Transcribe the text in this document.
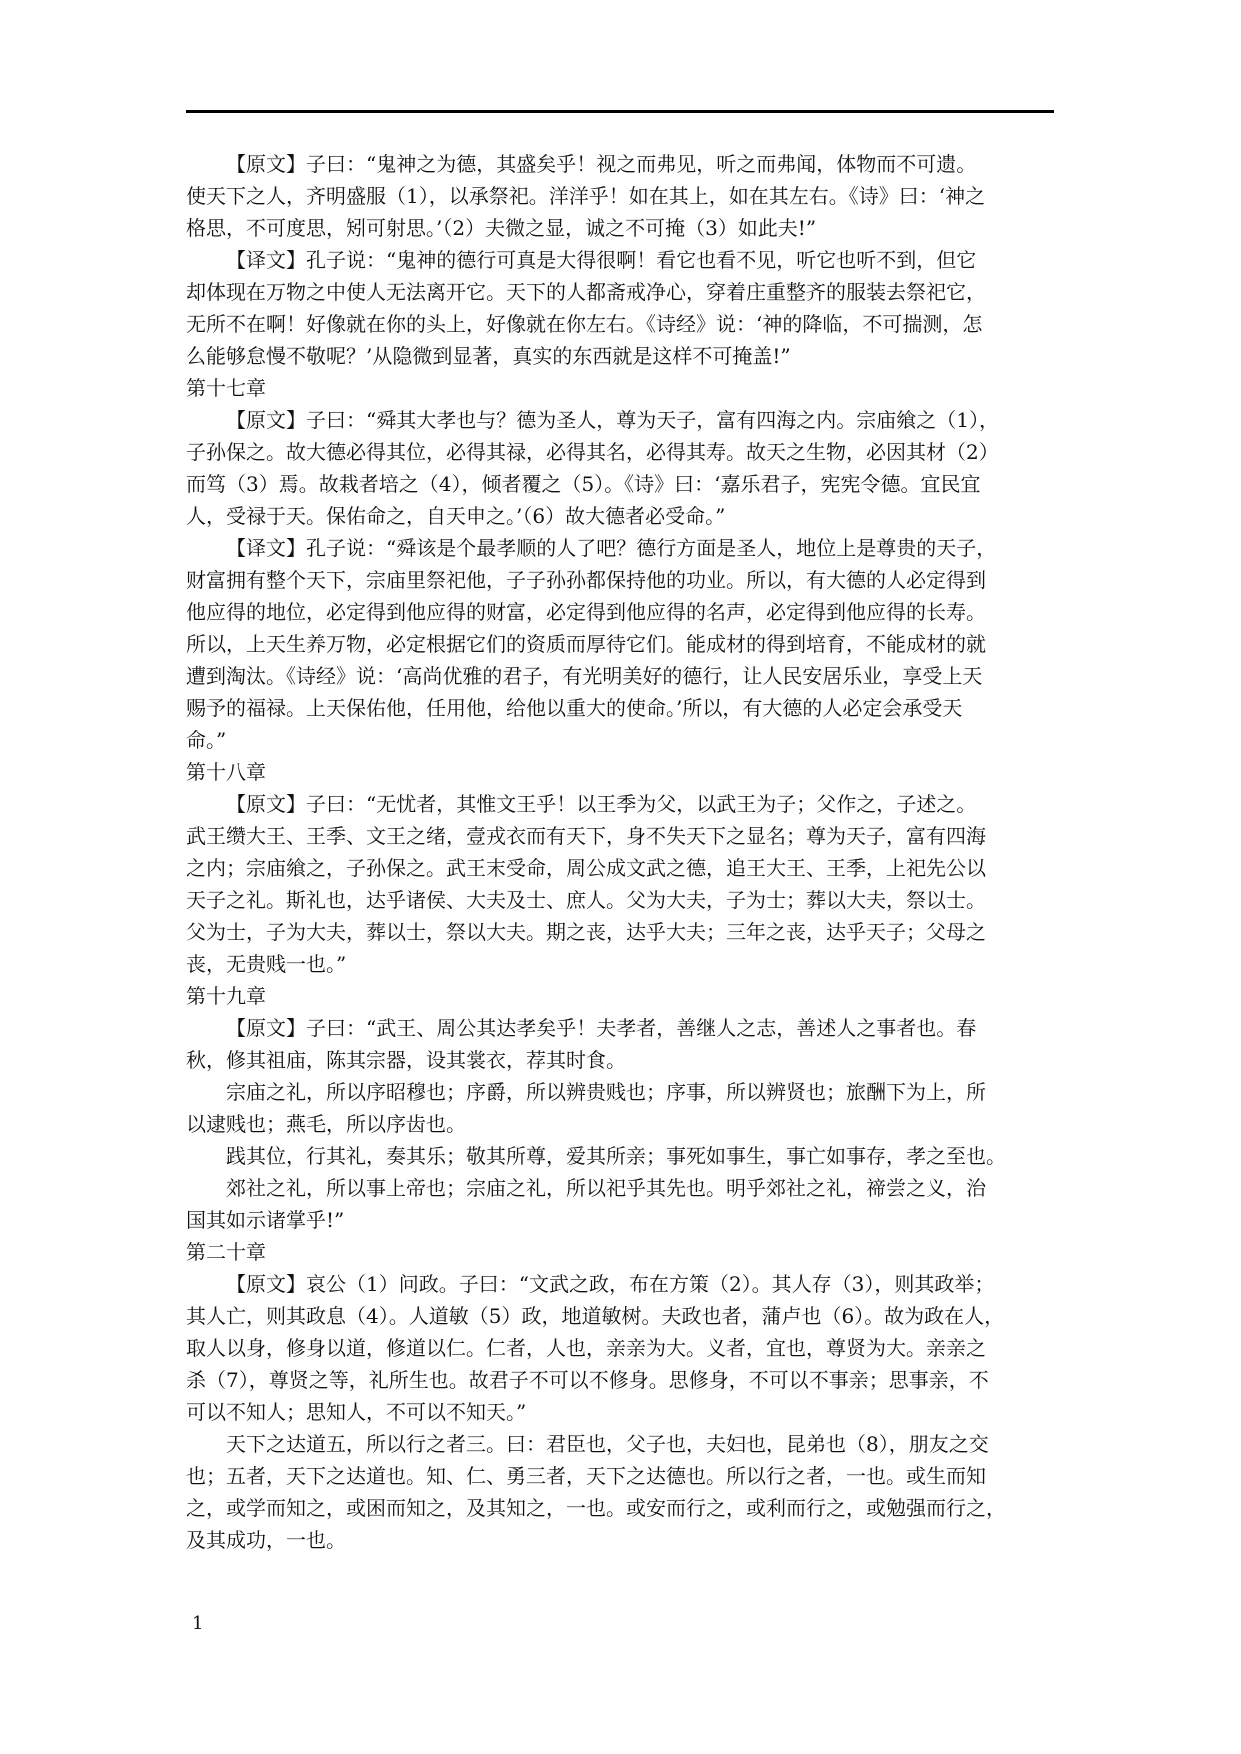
【原文】子曰：“鬼神之为德，其盛矣乎！视之而弗见，听之而弗闻，体物而不可遗。

使天下之人，齐明盛服（1），以承祭祀。洋洋乎！如在其上，如在其左右。《诗》曰：‘神之

格思，不可度思，矧可射思。’（2）夫微之显，诚之不可掩（3）如此夫!”

【译文】孔子说：“鬼神的德行可真是大得很啊！看它也看不见，听它也听不到，但它

却体现在万物之中使人无法离开它。天下的人都斋戒净心，穿着庄重整齐的服装去祭祀它，

无所不在啊！好像就在你的头上，好像就在你左右。《诗经》说：‘神的降临，不可揣测，怎

么能够怠慢不敬呢？’从隐微到显著，真实的东西就是这样不可掩盖!”

第十七章

【原文】子曰：“舜其大孝也与？德为圣人，尊为天子，富有四海之内。宗庙飨之（1），

子孙保之。故大德必得其位，必得其禄，必得其名，必得其寿。故天之生物，必因其材（2）

而笃（3）焉。故栽者培之（4），倾者覆之（5）。《诗》曰：‘嘉乐君子，宪宪令德。宜民宜

人，受禄于天。保佑命之，自天申之。’（6）故大德者必受命。”

【译文】孔子说：“舜该是个最孝顺的人了吧？德行方面是圣人，地位上是尊贵的天子，

财富拥有整个天下，宗庙里祭祀他，子子孙孙都保持他的功业。所以，有大德的人必定得到

他应得的地位，必定得到他应得的财富，必定得到他应得的名声，必定得到他应得的长寿。

所以，上天生养万物，必定根据它们的资质而厚待它们。能成材的得到培育，不能成材的就

遭到淘汰。《诗经》说：‘高尚优雅的君子，有光明美好的德行，让人民安居乐业，享受上天

赐予的福禄。上天保佑他，任用他，给他以重大的使命。’所以，有大德的人必定会承受天

命。”

第十八章

【原文】子曰：“无忧者，其惟文王乎！以王季为父，以武王为子；父作之，子述之。

武王缵大王、王季、文王之绪，壹戎衣而有天下，身不失天下之显名；尊为天子，富有四海

之内；宗庙飨之，子孙保之。武王末受命，周公成文武之德，追王大王、王季，上祀先公以

天子之礼。斯礼也，达乎诸侯、大夫及士、庶人。父为大夫，子为士；葬以大夫，祭以士。

父为士，子为大夫，葬以士，祭以大夫。期之丧，达乎大夫；三年之丧，达乎天子；父母之

丧，无贵贱一也。”

第十九章

【原文】子曰：“武王、周公其达孝矣乎！夫孝者，善继人之志，善述人之事者也。春

秋，修其祖庙，陈其宗器，设其裳衣，荐其时食。

宗庙之礼，所以序昭穆也；序爵，所以辨贵贱也；序事，所以辨贤也；旅酬下为上，所

以逮贱也；燕毛，所以序齿也。

践其位，行其礼，奏其乐；敬其所尊，爱其所亲；事死如事生，事亡如事存，孝之至也。

郊社之礼，所以事上帝也；宗庙之礼，所以祀乎其先也。明乎郊社之礼，禘尝之义，治

国其如示诸掌乎!”

第二十章

【原文】哀公（1）问政。子曰：“文武之政，布在方策（2）。其人存（3），则其政举；

其人亡，则其政息（4）。人道敏（5）政，地道敏树。夫政也者，蒲卢也（6）。故为政在人，

取人以身，修身以道，修道以仁。仁者，人也，亲亲为大。义者，宜也，尊贤为大。亲亲之

杀（7），尊贤之等，礼所生也。故君子不可以不修身。思修身，不可以不事亲；思事亲，不

可以不知人；思知人，不可以不知天。”

天下之达道五，所以行之者三。曰：君臣也，父子也，夫妇也，昆弟也（8），朋友之交

也；五者，天下之达道也。知、仁、勇三者，天下之达德也。所以行之者，一也。或生而知

之，或学而知之，或困而知之，及其知之，一也。或安而行之，或利而行之，或勉强而行之，

及其成功，一也。

1
